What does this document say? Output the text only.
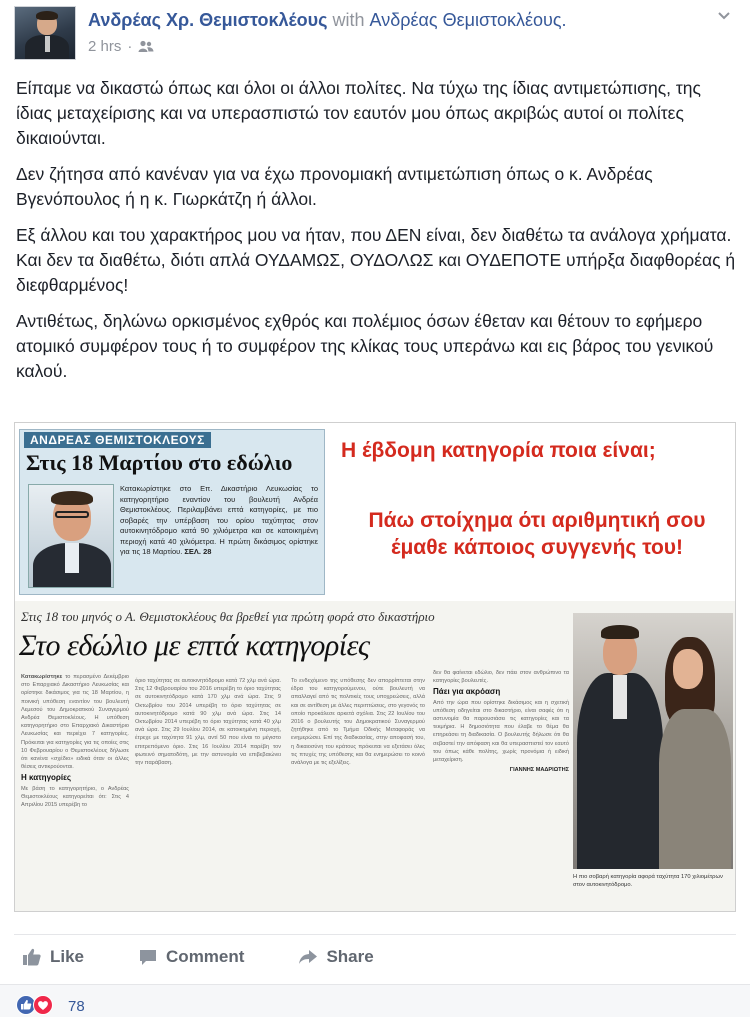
Ανδρέας Χρ. Θεμιστοκλέους with Ανδρέας Θεμιστοκλέους.
2 hrs ·

Είπαμε να δικαστώ όπως και όλοι οι άλλοι πολίτες. Να τύχω της ίδιας αντιμετώπισης, της ίδιας μεταχείρισης και να υπερασπιστώ τον εαυτόν μου όπως ακριβώς αυτοί οι πολίτες δικαιούνται.

Δεν ζήτησα από κανέναν για να έχω προνομιακή αντιμετώπιση όπως ο κ. Ανδρέας Βγενόπουλος ή η κ. Γιωρκάτζη ή άλλοι.

Εξ άλλου και του χαρακτήρος μου να ήταν, που ΔΕΝ είναι, δεν διαθέτω τα ανάλογα χρήματα. Και δεν τα διαθέτω, διότι απλά ΟΥΔΑΜΩΣ, ΟΥΔΟΛΩΣ και ΟΥΔΕΠΟΤΕ υπήρξα διαφθορέας ή διεφθαρμένος!

Αντιθέτως, δηλώνω ορκισμένος εχθρός και πολέμιος όσων έθεταν και θέτουν το εφήμερο ατομικό συμφέρον τους ή το συμφέρον της κλίκας τους υπεράνω και εις βάρος του γενικού καλού.

ΑΝΔΡΕΑΣ ΘΕΜΙΣΤΟΚΛΕΟΥΣ
Στις 18 Μαρτίου στο εδώλιο
Κατακωρίστηκε στο Επ. Δικαστήριο Λευκωσίας το κατηγορητήριο εναντίον του βουλευτή Ανδρέα Θεμιστοκλέους. Περιλαμβάνει επτά κατηγορίες, με πιο σοβαρές την υπέρβαση του ορίου ταχύτητας στον αυτοκινητόδρομο κατά 90 χιλιόμετρα και σε κατοικημένη περιοχή κατά 40 χιλιόμετρα. Η πρώτη δικάσιμος ορίστηκε για τις 18 Μαρτίου. ΣΕΛ. 28
Η έβδομη κατηγορία ποια είναι;
Πάω στοίχημα ότι αριθμητική σου έμαθε κάποιος συγγενής του!
Στις 18 του μηνός ο Α. Θεμιστοκλέους θα βρεθεί για πρώτη φορά στο δικαστήριο
Στο εδώλιο με επτά κατηγορίες
Κατακωρίστηκε το περασμένο Δεκέμβριο στο Επαρχιακό Δικαστήριο Λευκωσίας και ορίστηκε δικάσιμος για τις 18 Μαρτίου, η ποινική υπόθεση εναντίον του βουλευτή Λεμεσού του Δημοκρατικού Συναγερμού Ανδρέα Θεμιστοκλέους. Η υπόθεση κατηγορητήριο στο Επαρχιακό Δικαστήριο Λευκωσίας και περιέχει 7 κατηγορίες. Πρόκειται για κατηγορίες για τις οποίες στις 10 Φεβρουαρίου ο Θεμιστοκλέους δήλωσε ότι κανένα «σχέδιο» ειδικά όταν οι άλλες θέσεις αντικρούονται.
Η κατηγορίες
Με βάση το κατηγορητήριο, ο Ανδρέας Θεμιστοκλέους κατηγορείται ότι: Στις 4 Απριλίου 2015 υπερέβη το
όριο ταχύτητας σε αυτοκινητόδρομο κατά 72 χλμ ανά ώρα. Στις 12 Φεβρουαρίου του 2016 υπερέβη το όριο ταχύτητας σε αυτοκινητόδρομο κατά 170 χλμ ανά ώρα. Στις 9 Οκτωβρίου του 2014 υπερέβη το όριο ταχύτητας σε αυτοκινητόδρομο κατά 90 χλμ ανά ώρα. Στις 14 Οκτωβρίου 2014 υπερέβη το όριο ταχύτητας κατά 40 χλμ ανά ώρα. Στις 29 Ιουλίου 2014, σε κατοικημένη περιοχή, έτρεχε με ταχύτητα 91 χλμ, αντί 50 που είναι το μέγιστο επιτρεπόμενο όριο. Στις 16 Ιουλίου 2014 παρέβη τον φωτεινό σηματοδότη, με την αστυνομία να επιβεβαιώνει την παράβαση.
Το ενδεχόμενο της υπόθεσης δεν απορρίπτεται στην έδρα του κατηγορούμενου, ούτε βουλευτή να απαλλαγεί από τις πολιτικές τους υποχρεώσεις, αλλά και σε αντίθεση με άλλες περιπτώσεις, στο γεγονός το οποίο προκάλεσε αρκετά σχόλια. Στις 22 Ιουλίου του 2016 ο βουλευτής του Δημοκρατικού Συναγερμού ζητήθηκε από το Τμήμα Οδικής Μεταφοράς να ενημερώσει. Επί της διαδικασίας, στην αποφασή του, η δικαιοσύνη του κράτους πρόκειται να εξετάσει όλες τις πτυχές της υπόθεσης και θα ενημερώσει το κοινό ανάλογα με τις εξελίξεις.
δεν θα φαίνεται εδώλιο, δεν πάει στον ανθρώπινο τα κατηγορίες βουλευτές.
Πάει για ακρόαση
Από την ώρα που ορίστηκε δικάσιμος και η σχετική υπόθεση οδηγείται στο δικαστήριο, είναι σαφές ότι η αστυνομία θα παρουσιάσει τις κατηγορίες και τα τεκμήρια. Η δημοσιότητα που έλαβε το θέμα θα επηρεάσει τη διαδικασία. Ο βουλευτής δήλωσε ότι θα σεβαστεί την απόφαση και θα υπερασπιστεί τον εαυτό του όπως κάθε πολίτης, χωρίς προνόμια ή ειδική μεταχείριση.
ΓΙΑΝΝΗΣ ΜΑΔΡΙΩΤΗΣ
Η πιο σοβαρή κατηγορία αφορά ταχύτητα 170 χιλιομέτρων στον αυτοκινητόδρομο.
Like	Comment	Share
78
